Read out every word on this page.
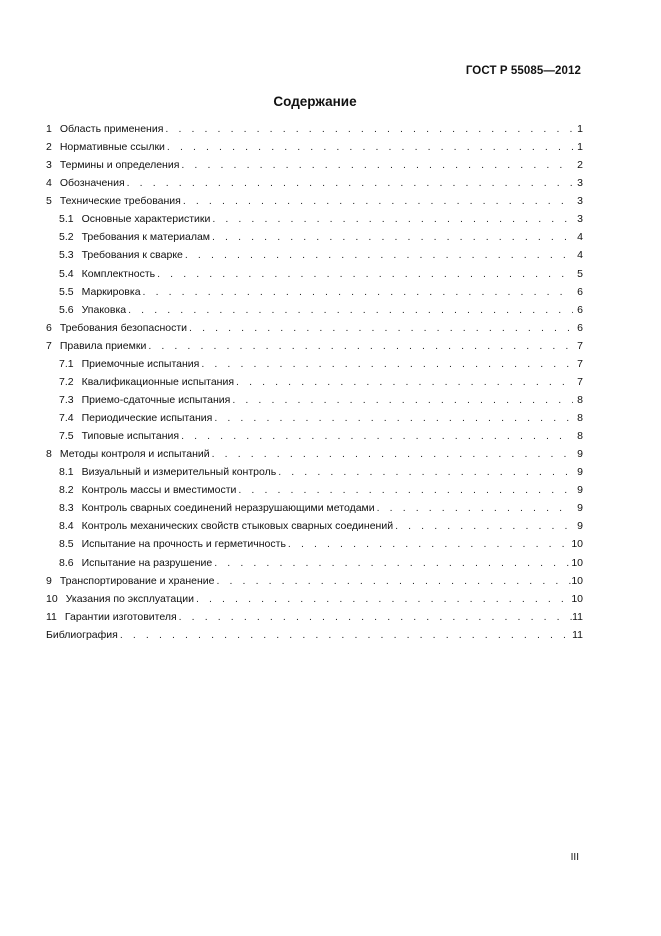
ГОСТ Р 55085—2012
Содержание
1 Область применения . . .	1
2 Нормативные ссылки . . .	1
3 Термины и определения . . .	2
4 Обозначения . . .	3
5 Технические требования . . .	3
5.1 Основные характеристики . . .	3
5.2 Требования к материалам . . .	4
5.3 Требования к сварке . . .	4
5.4 Комплектность . . .	5
5.5 Маркировка . . .	6
5.6 Упаковка . . .	6
6 Требования безопасности . . .	6
7 Правила приемки . . .	7
7.1 Приемочные испытания . . .	7
7.2 Квалификационные испытания . . .	7
7.3 Приемо-сдаточные испытания . . .	8
7.4 Периодические испытания . . .	8
7.5 Типовые испытания . . .	8
8 Методы контроля и испытаний . . .	9
8.1 Визуальный и измерительный контроль . . .	9
8.2 Контроль массы и вместимости . . .	9
8.3 Контроль сварных соединений неразрушающими методами . . .	9
8.4 Контроль механических свойств стыковых сварных соединений . . .	9
8.5 Испытание на прочность и герметичность . . .	10
8.6 Испытание на разрушение . . .	10
9 Транспортирование и хранение . . .	10
10 Указания по эксплуатации . . .	10
11 Гарантии изготовителя . . .	11
Библиография . . .	11
III
